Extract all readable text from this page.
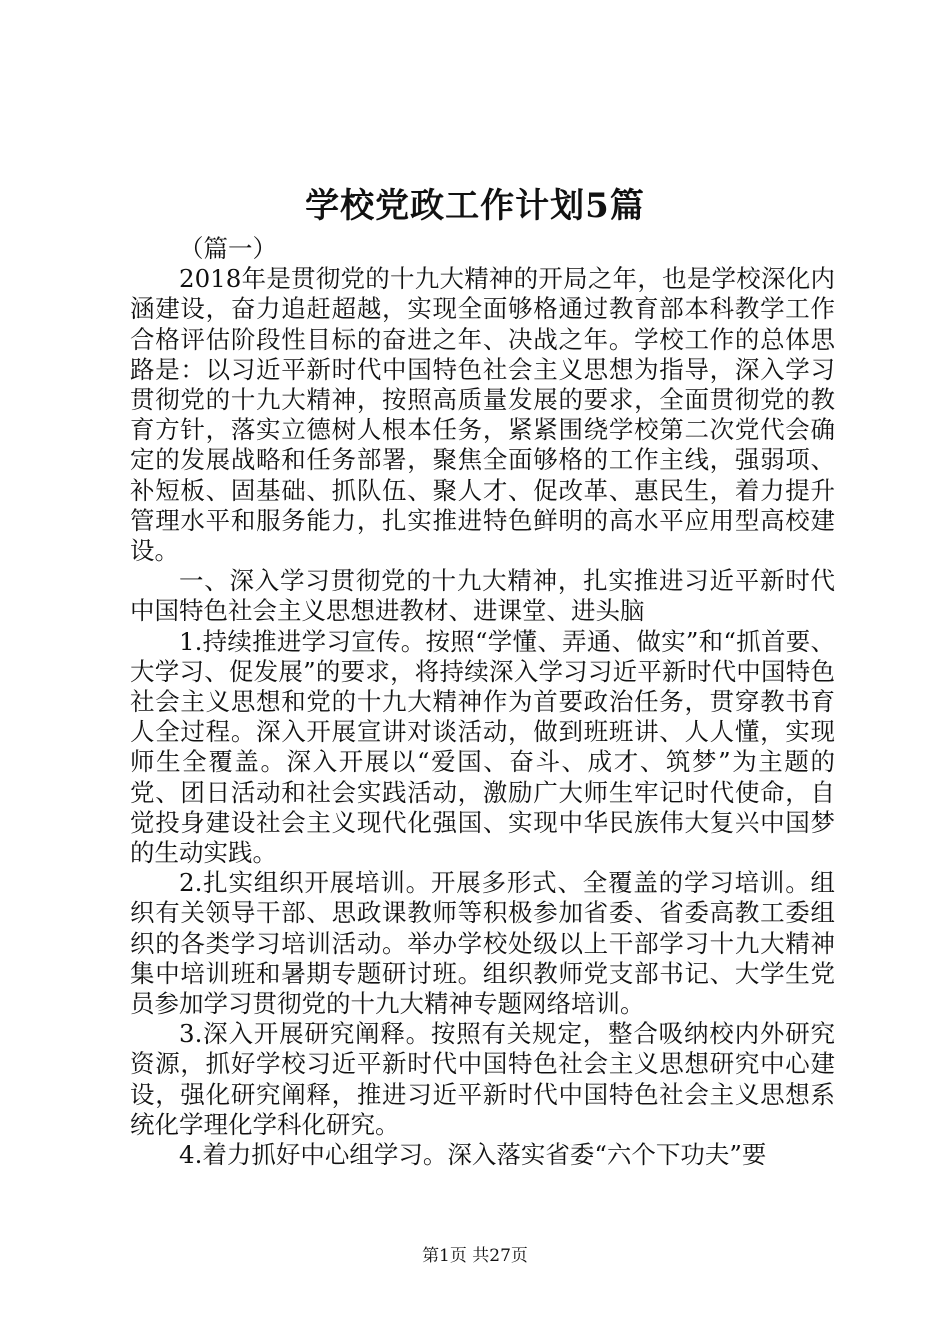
学校党政工作计划5篇

（篇一）

2018年是贯彻党的十九大精神的开局之年，也是学校深化内涵建设，奋力追赶超越，实现全面够格通过教育部本科教学工作合格评估阶段性目标的奋进之年、决战之年。学校工作的总体思路是：以习近平新时代中国特色社会主义思想为指导，深入学习贯彻党的十九大精神，按照高质量发展的要求，全面贯彻党的教育方针，落实立德树人根本任务，紧紧围绕学校第二次党代会确定的发展战略和任务部署，聚焦全面够格的工作主线，强弱项、补短板、固基础、抓队伍、聚人才、促改革、惠民生，着力提升管理水平和服务能力，扎实推进特色鲜明的高水平应用型高校建设。

一、深入学习贯彻党的十九大精神，扎实推进习近平新时代中国特色社会主义思想进教材、进课堂、进头脑

1.持续推进学习宣传。按照“学懂、弄通、做实”和“抓首要、大学习、促发展”的要求，将持续深入学习习近平新时代中国特色社会主义思想和党的十九大精神作为首要政治任务，贯穿教书育人全过程。深入开展宣讲对谈活动，做到班班讲、人人懂，实现师生全覆盖。深入开展以“爱国、奋斗、成才、筑梦”为主题的党、团日活动和社会实践活动，激励广大师生牢记时代使命，自觉投身建设社会主义现代化强国、实现中华民族伟大复兴中国梦的生动实践。

2.扎实组织开展培训。开展多形式、全覆盖的学习培训。组织有关领导干部、思政课教师等积极参加省委、省委高教工委组织的各类学习培训活动。举办学校处级以上干部学习十九大精神集中培训班和暑期专题研讨班。组织教师党支部书记、大学生党员参加学习贯彻党的十九大精神专题网络培训。

3.深入开展研究阐释。按照有关规定，整合吸纳校内外研究资源，抓好学校习近平新时代中国特色社会主义思想研究中心建设，强化研究阐释，推进习近平新时代中国特色社会主义思想系统化学理化学科化研究。

4.着力抓好中心组学习。深入落实省委“六个下功夫”要

第1页 共27页
